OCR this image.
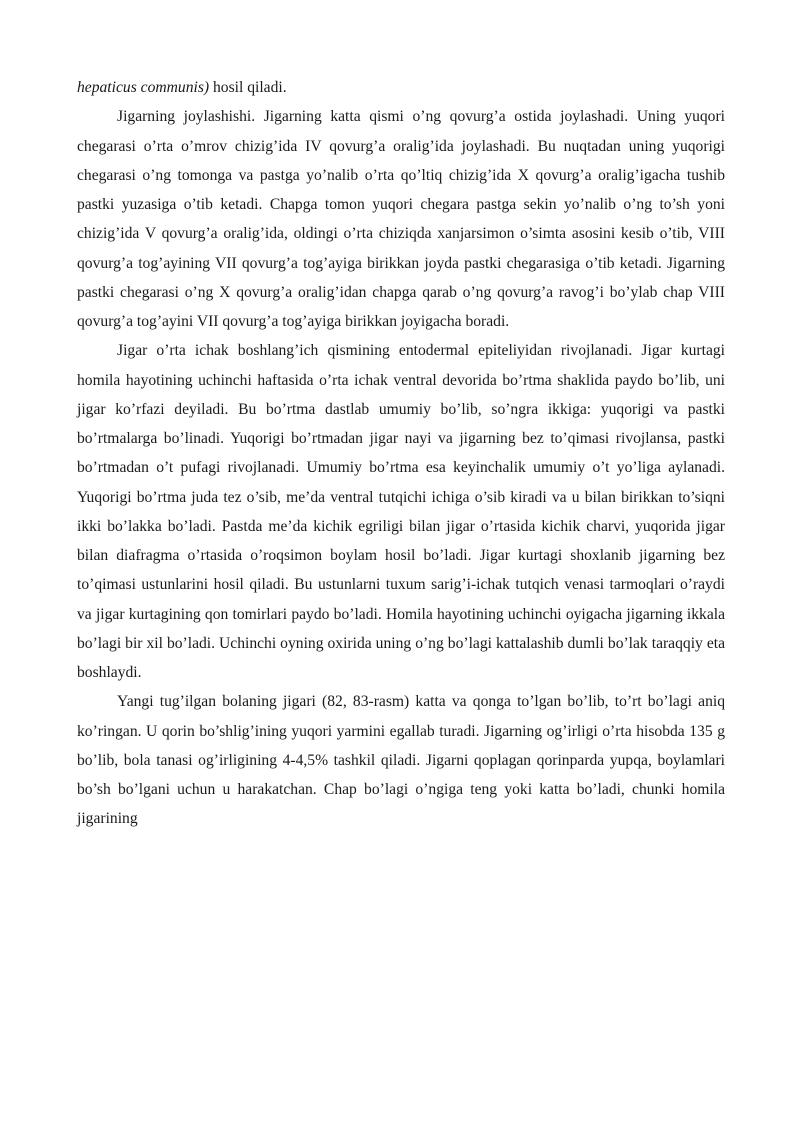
hepaticus communis) hosil qiladi.

Jigarning joylashishi. Jigarning katta qismi o’ng qovurg’a ostida joylashadi. Uning yuqori chegarasi o’rta o’mrov chizig’ida IV qovurg’a oralig’ida joylashadi. Bu nuqtadan uning yuqorigi chegarasi o’ng tomonga va pastga yo’nalib o’rta qo’ltiq chizig’ida X qovurg’a oralig’igacha tushib pastki yuzasiga o’tib ketadi. Chapga tomon yuqori chegara pastga sekin yo’nalib o’ng to’sh yoni chizig’ida V qovurg’a oralig’ida, oldingi o’rta chiziqda xanjarsimon o’simta asosini kesib o’tib, VIII qovurg’a tog’ayining VII qovurg’a tog’ayiga birikkan joyda pastki chegarasiga o’tib ketadi. Jigarning pastki chegarasi o’ng X qovurg’a oralig’idan chapga qarab o’ng qovurg’a ravog’i bo’ylab chap VIII qovurg’a tog’ayini VII qovurg’a tog’ayiga birikkan joyigacha boradi.

Jigar o’rta ichak boshlang’ich qismining entodermal epiteliyidan rivojlanadi. Jigar kurtagi homila hayotining uchinchi haftasida o’rta ichak ventral devorida bo’rtma shaklida paydo bo’lib, uni jigar ko’rfazi deyiladi. Bu bo’rtma dastlab umumiy bo’lib, so’ngra ikkiga: yuqorigi va pastki bo’rtmalarga bo’linadi. Yuqorigi bo’rtmadan jigar nayi va jigarning bez to’qimasi rivojlansa, pastki bo’rtmadan o’t pufagi rivojlanadi. Umumiy bo’rtma esa keyinchalik umumiy o’t yo’liga aylanadi. Yuqorigi bo’rtma juda tez o’sib, me’da ventral tutqichi ichiga o’sib kiradi va u bilan birikkan to’siqni ikki bo’lakka bo’ladi. Pastda me’da kichik egriligi bilan jigar o’rtasida kichik charvi, yuqorida jigar bilan diafragma o’rtasida o’roqsimon boylam hosil bo’ladi. Jigar kurtagi shoxlanib jigarning bez to’qimasi ustunlarini hosil qiladi. Bu ustunlarni tuxum sarig’i-ichak tutqich venasi tarmoqlari o’raydi va jigar kurtagining qon tomirlari paydo bo’ladi. Homila hayotining uchinchi oyigacha jigarning ikkala bo’lagi bir xil bo’ladi. Uchinchi oyning oxirida uning o’ng bo’lagi kattalashib dumli bo’lak taraqqiy eta boshlaydi.

Yangi tug’ilgan bolaning jigari (82, 83-rasm) katta va qonga to’lgan bo’lib, to’rt bo’lagi aniq ko’ringan. U qorin bo’shlig’ining yuqori yarmini egallab turadi. Jigarning og’irligi o’rta hisobda 135 g bo’lib, bola tanasi og’irligining 4-4,5% tashkil qiladi. Jigarni qoplagan qorinparda yupqa, boylamlari bo’sh bo’lgani uchun u harakatchan. Chap bo’lagi o’ngiga teng yoki katta bo’ladi, chunki homila jigarining
